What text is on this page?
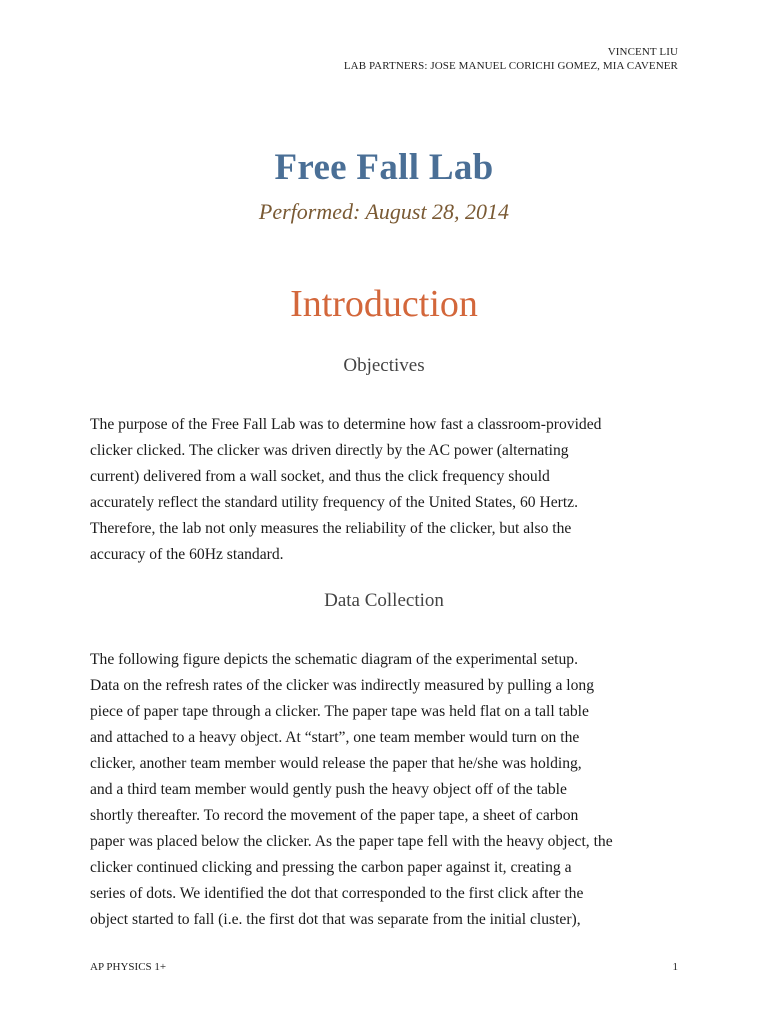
VINCENT LIU
LAB PARTNERS: JOSE MANUEL CORICHI GOMEZ, MIA CAVENER
Free Fall Lab
Performed: August 28, 2014
Introduction
Objectives
The purpose of the Free Fall Lab was to determine how fast a classroom-provided
clicker clicked. The clicker was driven directly by the AC power (alternating
current) delivered from a wall socket, and thus the click frequency should
accurately reflect the standard utility frequency of the United States, 60 Hertz.
Therefore, the lab not only measures the reliability of the clicker, but also the
accuracy of the 60Hz standard.
Data Collection
The following figure depicts the schematic diagram of the experimental setup.
Data on the refresh rates of the clicker was indirectly measured by pulling a long
piece of paper tape through a clicker. The paper tape was held flat on a tall table
and attached to a heavy object. At “start”, one team member would turn on the
clicker, another team member would release the paper that he/she was holding,
and a third team member would gently push the heavy object off of the table
shortly thereafter. To record the movement of the paper tape, a sheet of carbon
paper was placed below the clicker. As the paper tape fell with the heavy object, the
clicker continued clicking and pressing the carbon paper against it, creating a
series of dots. We identified the dot that corresponded to the first click after the
object started to fall (i.e. the first dot that was separate from the initial cluster),
AP PHYSICS 1+	1
